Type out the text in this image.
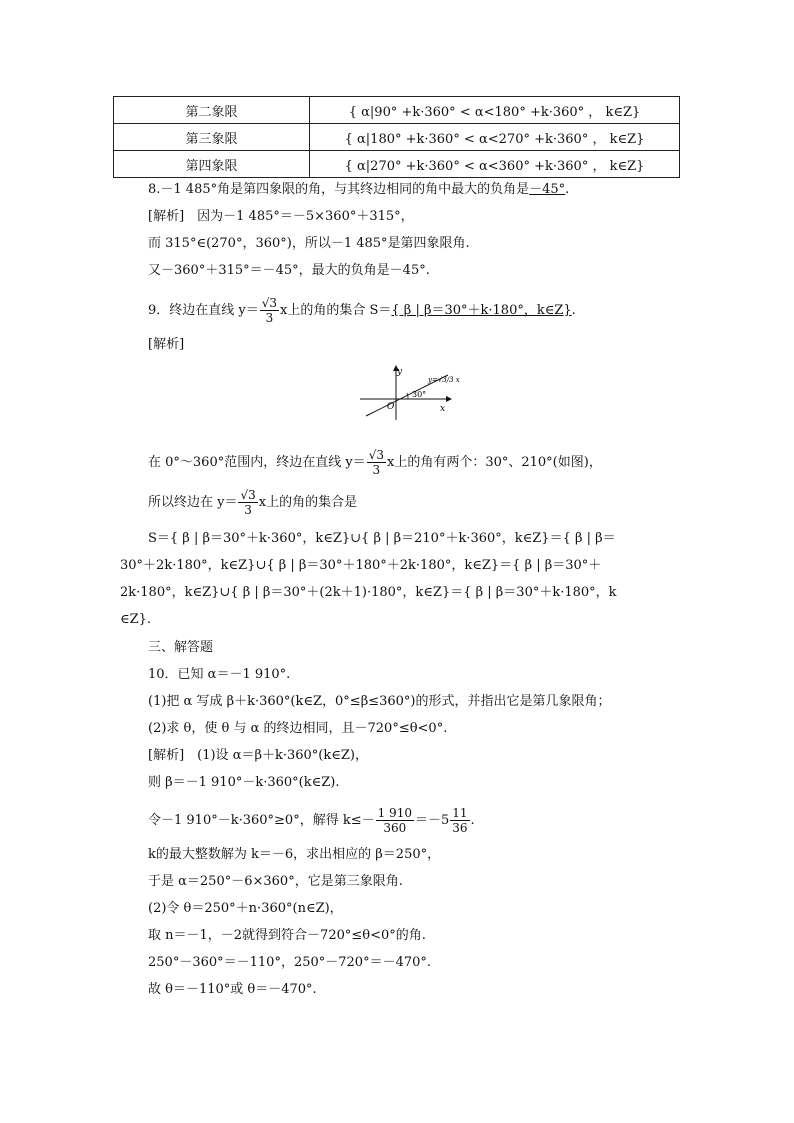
第二象限	{ α|90° +k·360° < α<180° +k·360° ， k∈Z}
第三象限	{ α|180° +k·360° < α<270° +k·360° ， k∈Z}
第四象限	{ α|270° +k·360° < α<360° +k·360° ， k∈Z}
8.－1 485°角是第四象限的角，与其终边相同的角中最大的负角是－45°.
[解析]　因为－1 485°＝－5×360°＋315°，
而 315°∈(270°，360°)，所以－1 485°是第四象限角.
又－360°＋315°＝－45°，最大的负角是－45°.
9．终边在直线 $y= \frac{√3}{3}$ x上的角的集合 S＝{ β | β＝30°＋k·180°，k∈Z}.
[解析]
y
O	x
30°
y=√3/3 x
在 0°～360°范围内，终边在直线 $y= \frac{√3}{3}$ x上的角有两个：30°、210°(如图)，
所以终边在 $y= \frac{√3}{3}$ x上的角的集合是
S＝{ β | β＝30°＋k·360°，k∈Z}∪{ β | β＝210°＋k·360°，k∈Z}＝{ β | β＝
30°＋2k·180°，k∈Z}∪{ β | β＝30°＋180°＋2k·180°，k∈Z}＝{ β | β＝30°＋
2k·180°，k∈Z}∪{ β | β＝30°＋(2k＋1)·180°，k∈Z}＝{ β | β＝30°＋k·180°，k
∈Z}.
三、解答题
10．已知 α＝－1 910°.
(1)把 α 写成 β＋k·360°(k∈Z，0°≤β≤360°)的形式，并指出它是第几象限角；
(2)求 θ，使 θ 与 α 的终边相同，且－720°≤θ<0°.
[解析]　(1)设 α＝β＋k·360°(k∈Z)，
则 β＝－1 910°－k·360°(k∈Z).
令－1 910°－k·360°≥0°，解得 $k\le- \frac{1 910}{360} =-5 \frac{11}{36}$ .
k的最大整数解为 k＝－6，求出相应的 β＝250°，
于是 α＝250°－6×360°，它是第三象限角.
(2)令 θ＝250°＋n·360°(n∈Z)，
取 n＝－1，－2就得到符合－720°≤θ<0°的角.
250°－360°＝－110°，250°－720°＝－470°.
故 θ＝－110°或 θ＝－470°.
